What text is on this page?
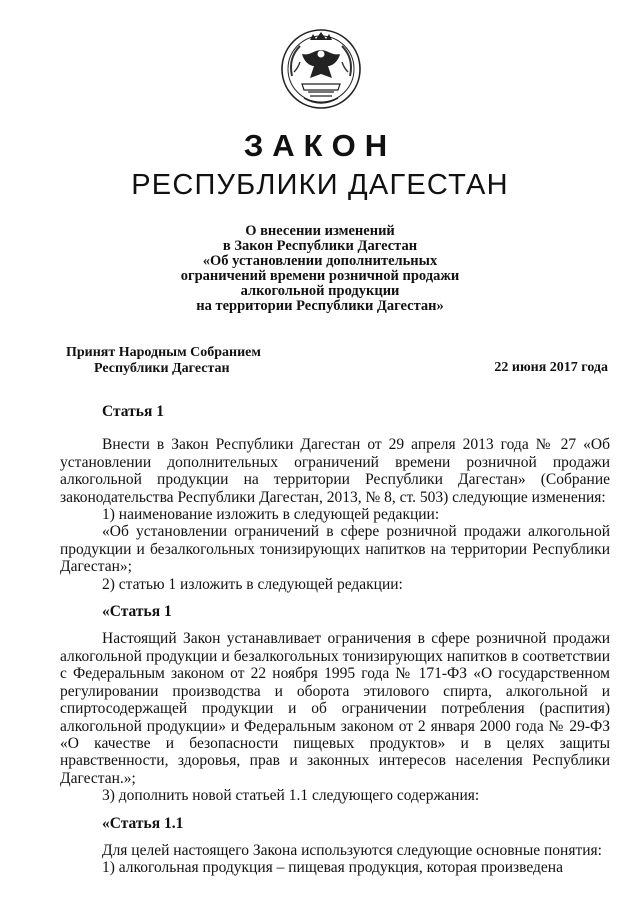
ЗАКОН
РЕСПУБЛИКИ ДАГЕСТАН
О внесении изменений
в Закон Республики Дагестан
«Об установлении дополнительных
ограничений времени розничной продажи
алкогольной продукции
на территории Республики Дагестан»
Принят Народным Собранием
Республики Дагестан	22 июня 2017 года
Статья 1
Внести в Закон Республики Дагестан от 29 апреля 2013 года № 27 «Об установлении дополнительных ограничений времени розничной продажи алкогольной продукции на территории Республики Дагестан» (Собрание законодательства Республики Дагестан, 2013, № 8, ст. 503) следующие изменения:
1) наименование изложить в следующей редакции:
«Об установлении ограничений в сфере розничной продажи алкогольной продукции и безалкогольных тонизирующих напитков на территории Республики Дагестан»;
2) статью 1 изложить в следующей редакции:
«Статья 1
Настоящий Закон устанавливает ограничения в сфере розничной продажи алкогольной продукции и безалкогольных тонизирующих напитков в соответствии с Федеральным законом от 22 ноября 1995 года № 171-ФЗ «О государственном регулировании производства и оборота этилового спирта, алкогольной и спиртосодержащей продукции и об ограничении потребления (распития) алкогольной продукции» и Федеральным законом от 2 января 2000 года № 29-ФЗ «О качестве и безопасности пищевых продуктов» и в целях защиты нравственности, здоровья, прав и законных интересов населения Республики Дагестан.»;
3) дополнить новой статьей 1.1 следующего содержания:
«Статья 1.1
Для целей настоящего Закона используются следующие основные понятия:
1) алкогольная продукция – пищевая продукция, которая произведена
